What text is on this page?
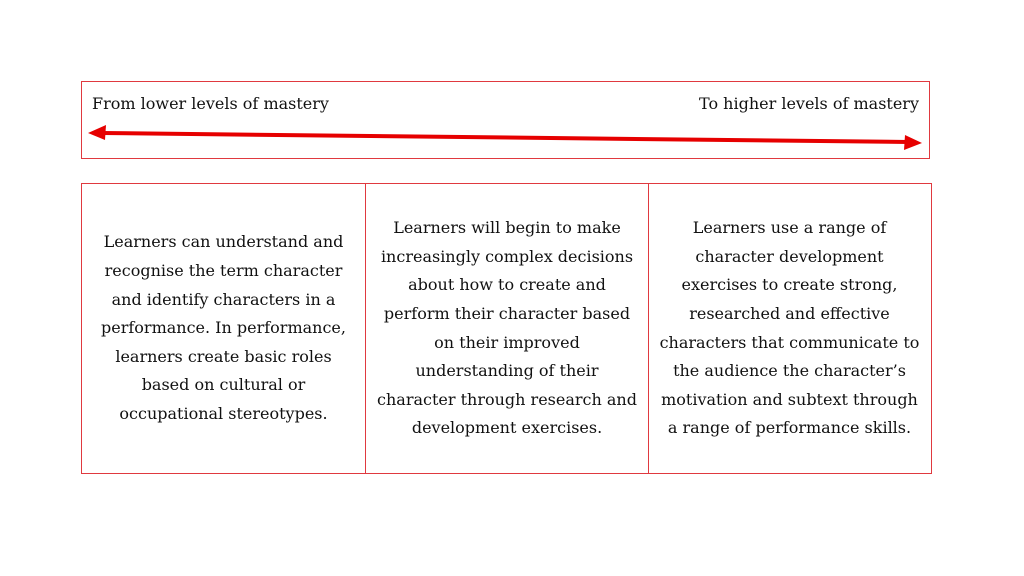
From lower levels of mastery	To higher levels of mastery
Learners can understand and recognise the term character and identify characters in a performance. In performance, learners create basic roles based on cultural or occupational stereotypes.
Learners will begin to make increasingly complex decisions about how to create and perform their character based on their improved understanding of their character through research and development exercises.
Learners use a range of character development exercises to create strong, researched and effective characters that communicate to the audience the character’s motivation and subtext through a range of performance skills.
